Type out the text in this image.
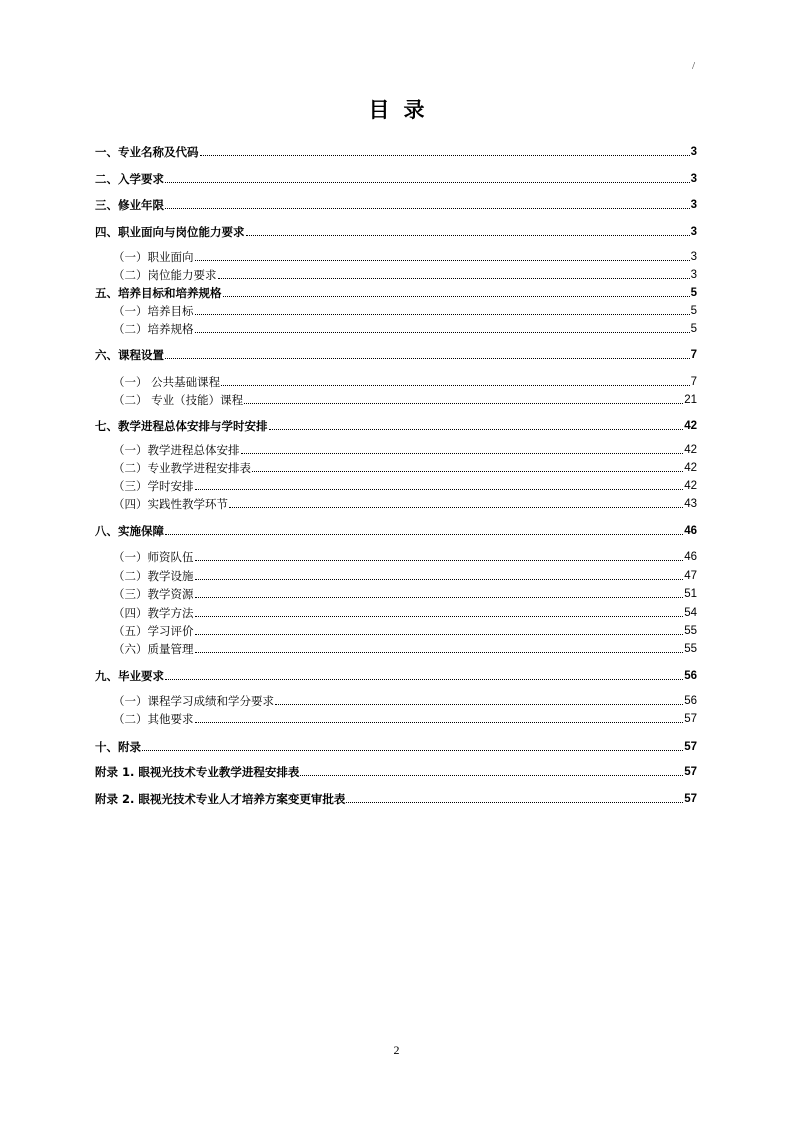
/
目录
一、专业名称及代码	3
二、入学要求	3
三、修业年限	3
四、职业面向与岗位能力要求	3
（一）职业面向	3
（二）岗位能力要求	3
五、培养目标和培养规格	5
（一）培养目标	5
（二）培养规格	5
六、课程设置	7
（一） 公共基础课程	7
（二） 专业（技能）课程	21
七、教学进程总体安排与学时安排	42
（一）教学进程总体安排	42
（二）专业教学进程安排表	42
（三）学时安排	42
（四）实践性教学环节	43
八、实施保障	46
（一）师资队伍	46
（二）教学设施	47
（三）教学资源	51
（四）教学方法	54
（五）学习评价	55
（六）质量管理	55
九、毕业要求	56
（一）课程学习成绩和学分要求	56
（二）其他要求	57
十、附录	57
附录 1. 眼视光技术专业教学进程安排表	57
附录 2. 眼视光技术专业人才培养方案变更审批表	57
2
